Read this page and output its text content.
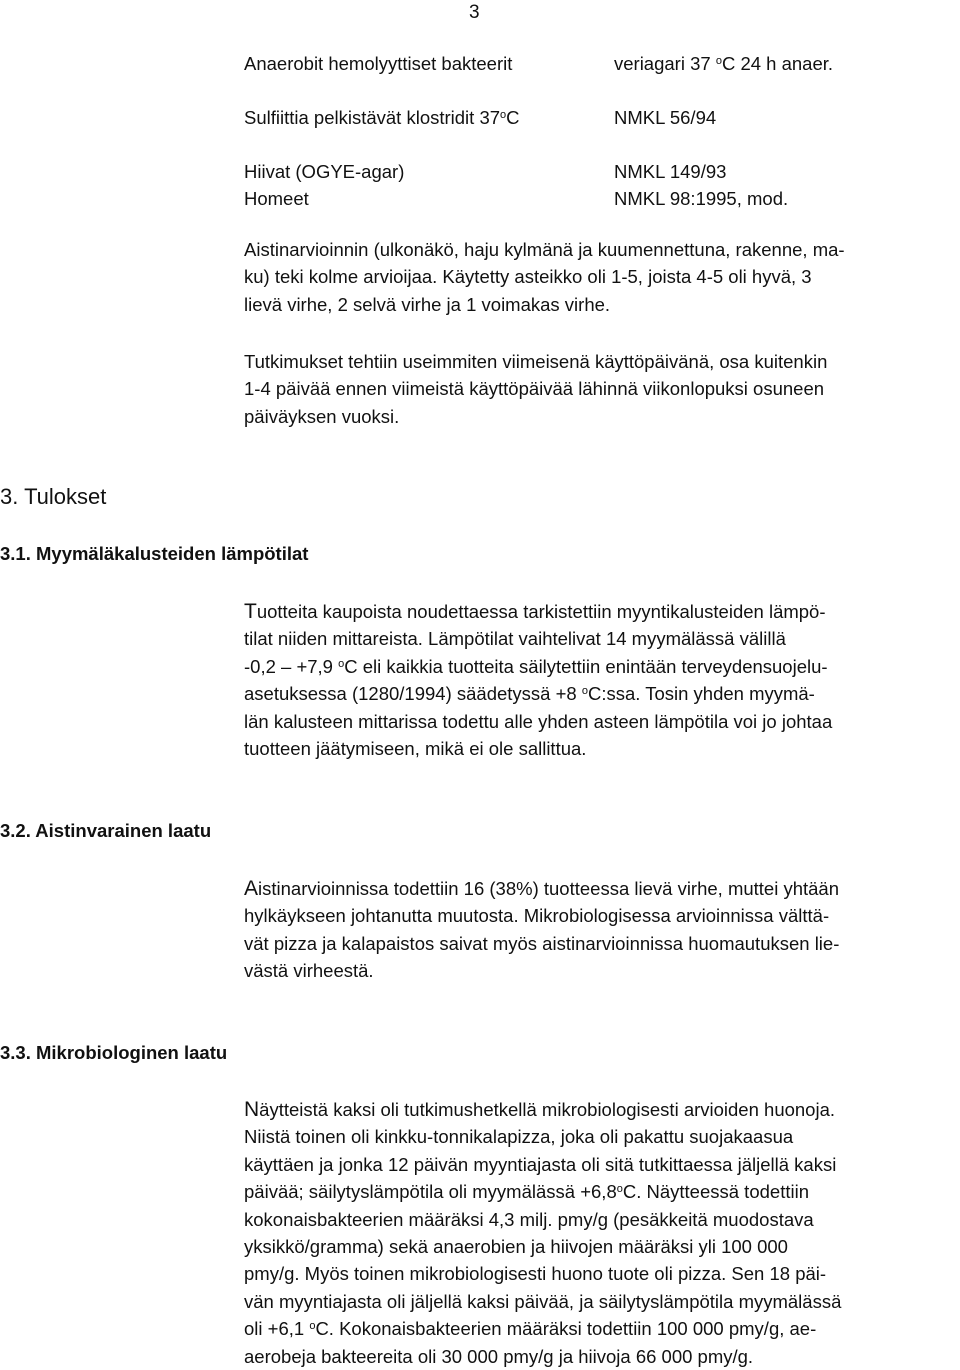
3
Anaerobit hemolyyttiset bakteerit	veriagari 37 $^o$C 24 h anaer.
Sulfiittia pelkistävät klostridit 37$^o$C	NMKL 56/94
Hiivat (OGYE-agar)	NMKL 149/93
Homeet	NMKL 98:1995, mod.
Aistinarvioinnin (ulkonäkö, haju kylmänä ja kuumennettuna, rakenne, ma-
ku) teki kolme arvioijaa. Käytetty asteikko oli 1-5, joista 4-5 oli hyvä, 3
lievä virhe, 2 selvä virhe ja 1 voimakas virhe.
Tutkimukset tehtiin useimmiten viimeisenä käyttöpäivänä, osa kuitenkin
1-4 päivää ennen viimeistä käyttöpäivää lähinnä viikonlopuksi osuneen
päiväyksen vuoksi.
3. Tulokset
3.1. Myymäläkalusteiden lämpötilat
Tuotteita kaupoista noudettaessa tarkistettiin myyntikalusteiden lämpö-
tilat niiden mittareista. Lämpötilat vaihtelivat 14 myymälässä välillä
-0,2 – +7,9 $^o$C eli kaikkia tuotteita säilytettiin enintään terveydensuojelu-
asetuksessa (1280/1994) säädetyssä +8 $^o$C:ssa. Tosin yhden myymä-
län kalusteen mittarissa todettu alle yhden asteen lämpötila voi jo johtaa
tuotteen jäätymiseen, mikä ei ole sallittua.
3.2. Aistinvarainen laatu
Aistinarvioinnissa todettiin 16 (38%) tuotteessa lievä virhe, muttei yhtään
hylkäykseen johtanutta muutosta. Mikrobiologisessa arvioinnissa välttä-
vät pizza ja kalapaistos saivat myös aistinarvioinnissa huomautuksen lie-
västä virheestä.
3.3. Mikrobiologinen laatu
Näytteistä kaksi oli tutkimushetkellä mikrobiologisesti arvioiden huonoja.
Niistä toinen oli kinkku-tonnikalapizza, joka oli pakattu suojakaasua
käyttäen ja jonka 12 päivän myyntiajasta oli sitä tutkittaessa jäljellä kaksi
päivää; säilytyslämpötila oli myymälässä $+6,8^oC$. Näytteessä todettiin
kokonaisbakteerien määräksi 4,3 milj. pmy/g (pesäkkeitä muodostava
yksikkö/gramma) sekä anaerobien ja hiivojen määräksi yli 100 000
pmy/g. Myös toinen mikrobiologisesti huono tuote oli pizza. Sen 18 päi-
vän myyntiajasta oli jäljellä kaksi päivää, ja säilytyslämpötila myymälässä
oli +6,1 $^o$C. Kokonaisbakteerien määräksi todettiin 100 000 pmy/g, ae-
aerobeja bakteereita oli 30 000 pmy/g ja hiivoja 66 000 pmy/g.
